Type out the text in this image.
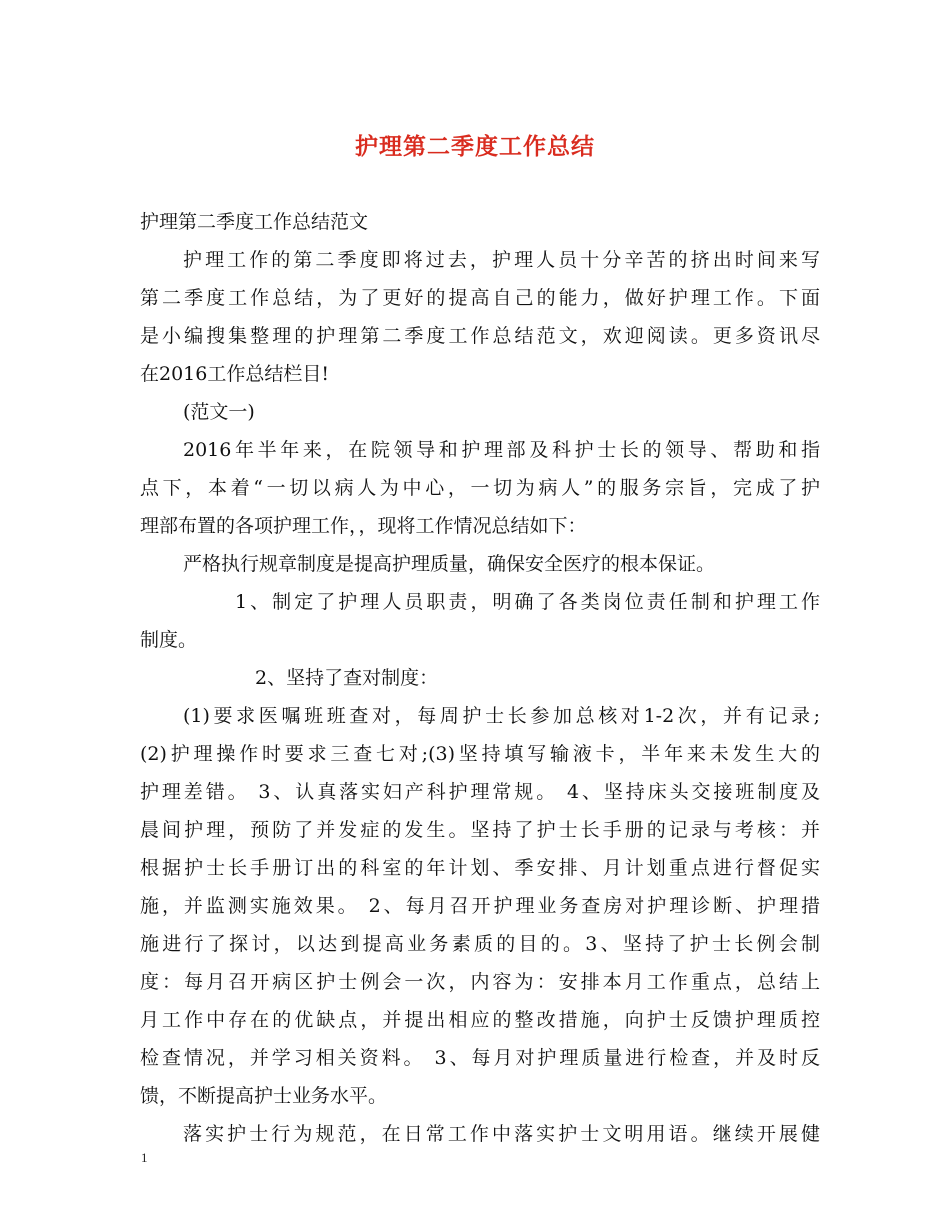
护理第二季度工作总结
护理第二季度工作总结范文
护理工作的第二季度即将过去，护理人员十分辛苦的挤出时间来写
第二季度工作总结，为了更好的提高自己的能力，做好护理工作。下面
是小编搜集整理的护理第二季度工作总结范文，欢迎阅读。更多资讯尽
在2016工作总结栏目!
(范文一)
2016年半年来，在院领导和护理部及科护士长的领导、帮助和指
点下，本着“一切以病人为中心，一切为病人”的服务宗旨，完成了护
理部布置的各项护理工作，，现将工作情况总结如下：
严格执行规章制度是提高护理质量，确保安全医疗的根本保证。
1、制定了护理人员职责，明确了各类岗位责任制和护理工作
制度。
2、坚持了查对制度：
(1)要求医嘱班班查对，每周护士长参加总核对1-2次，并有记录;
(2)护理操作时要求三查七对;(3)坚持填写输液卡，半年来未发生大的
护理差错。 3、认真落实妇产科护理常规。 4、坚持床头交接班制度及
晨间护理，预防了并发症的发生。坚持了护士长手册的记录与考核：并
根据护士长手册订出的科室的年计划、季安排、月计划重点进行督促实
施，并监测实施效果。 2、每月召开护理业务查房对护理诊断、护理措
施进行了探讨，以达到提高业务素质的目的。3、坚持了护士长例会制
度：每月召开病区护士例会一次，内容为：安排本月工作重点，总结上
月工作中存在的优缺点，并提出相应的整改措施，向护士反馈护理质控
检查情况，并学习相关资料。 3、每月对护理质量进行检查，并及时反
馈，不断提高护士业务水平。
落实护士行为规范，在日常工作中落实护士文明用语。继续开展健
1
